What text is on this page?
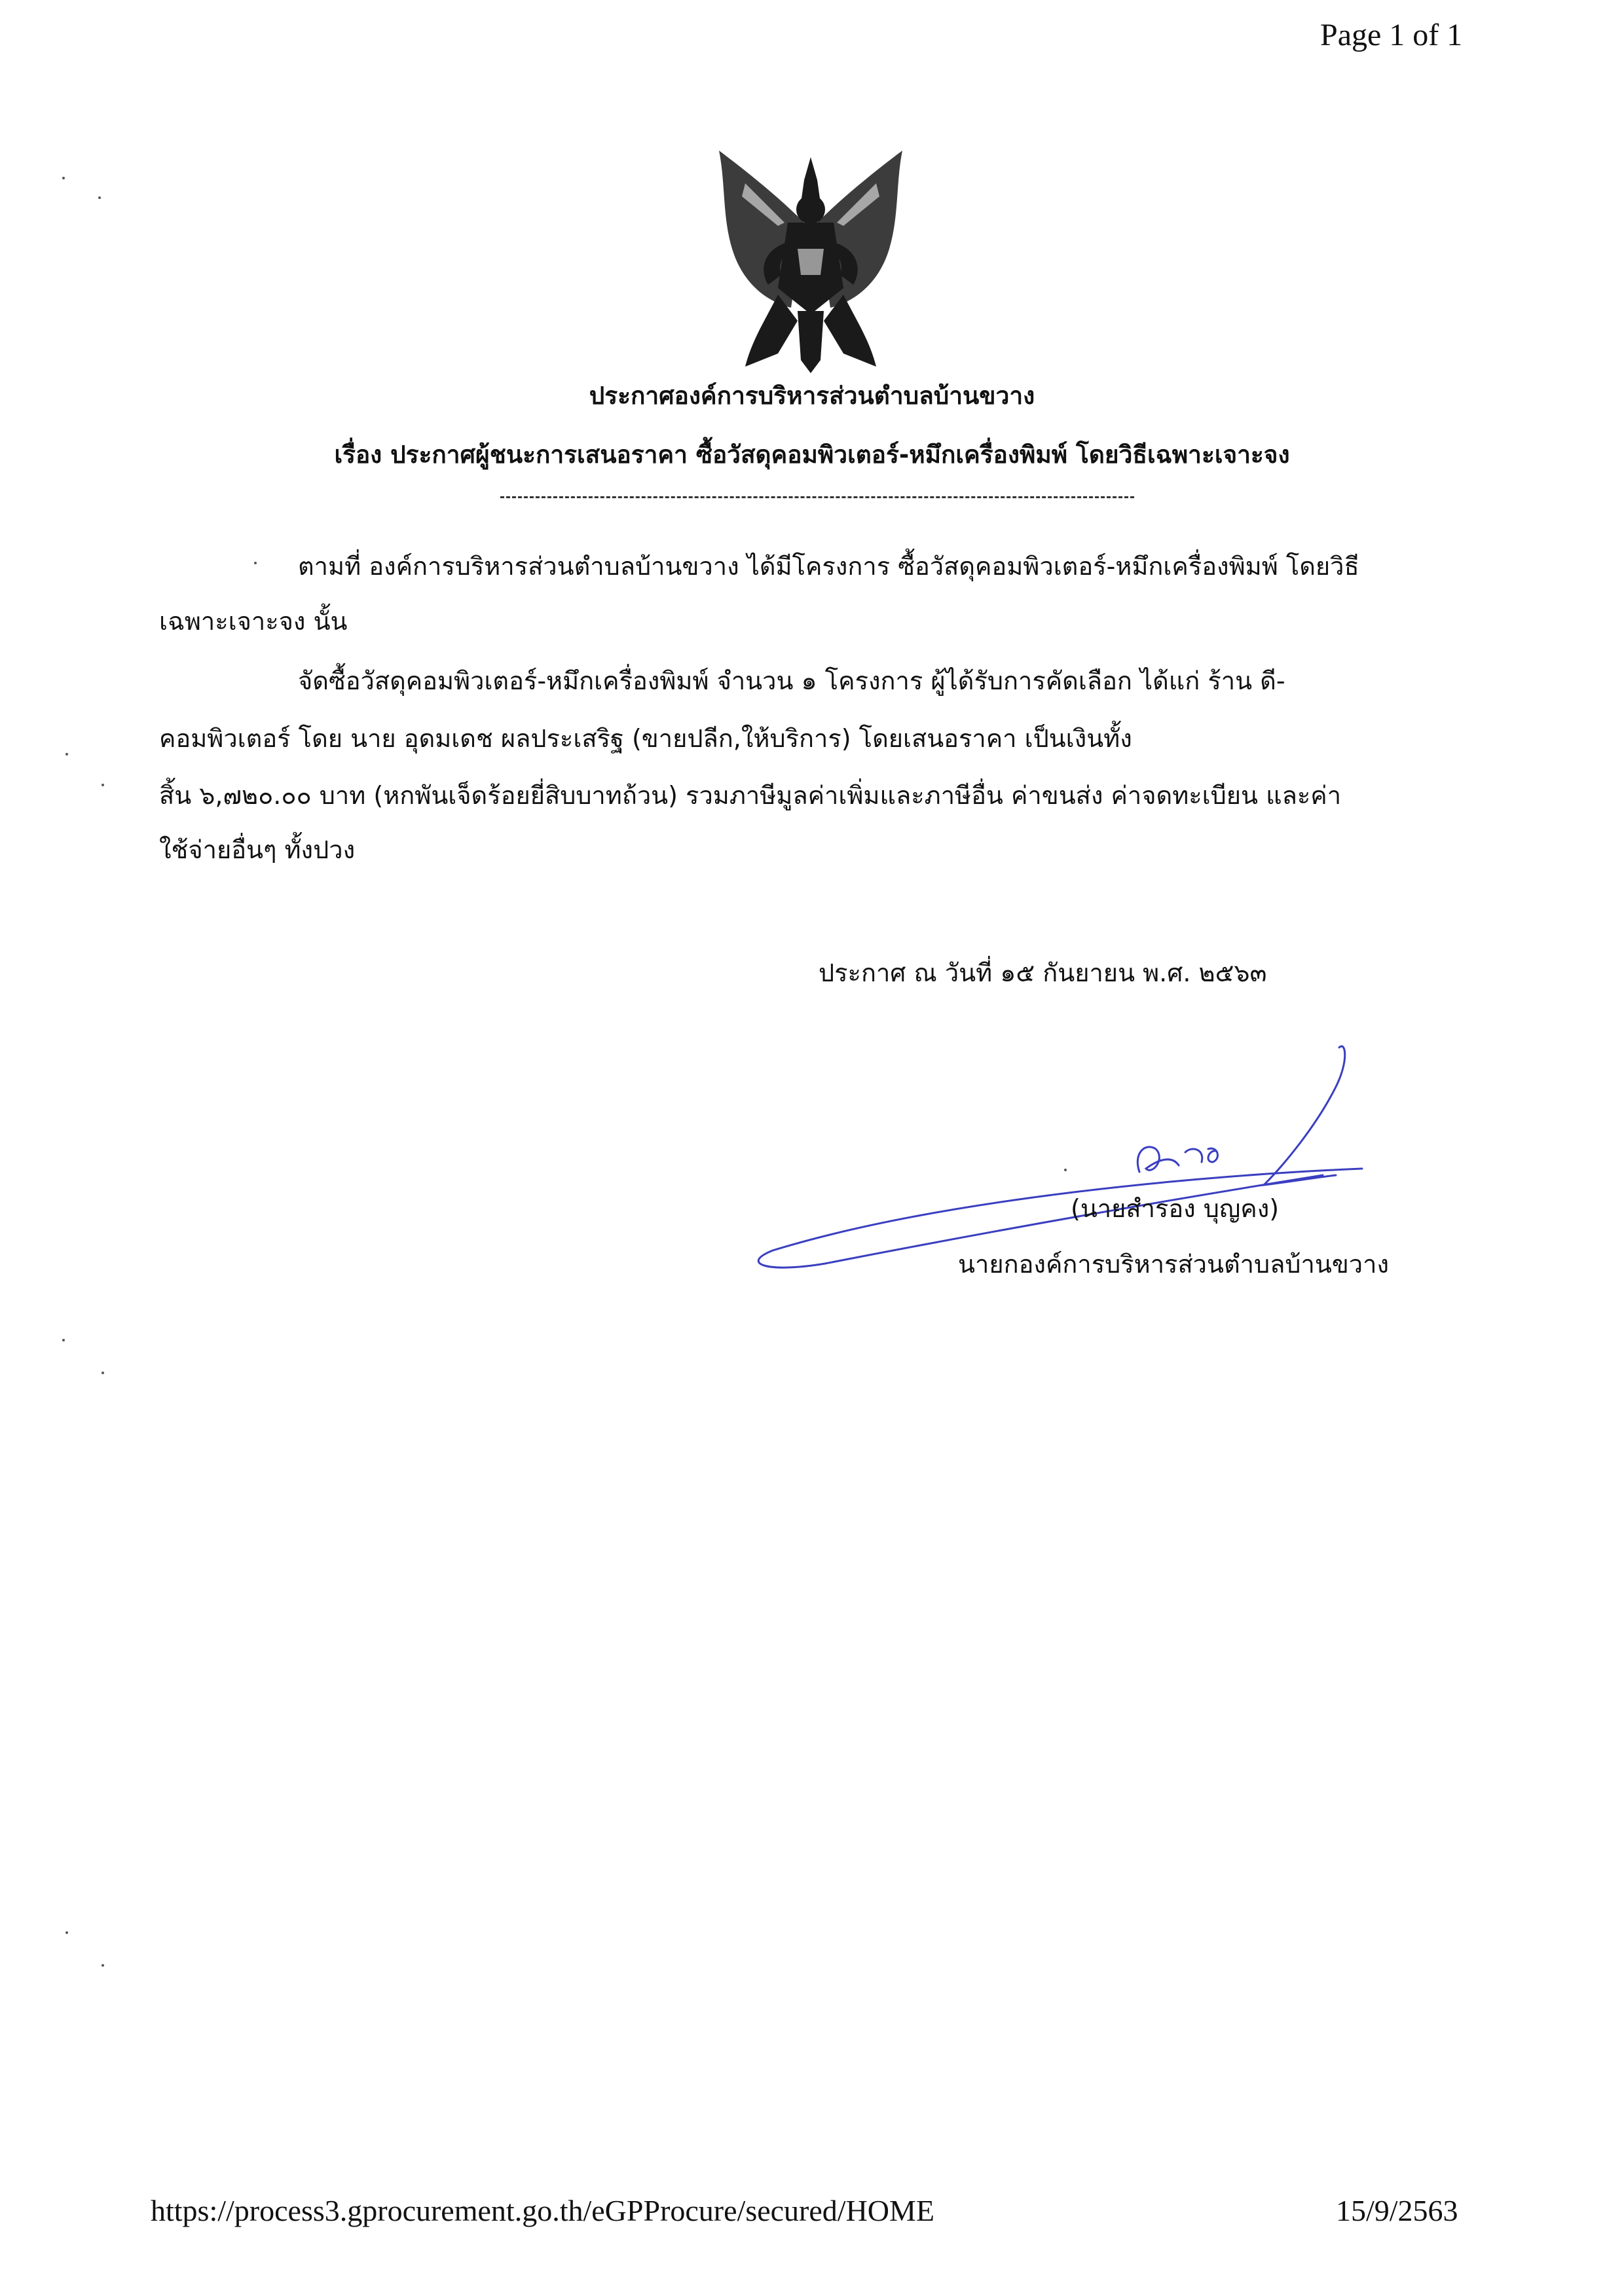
Page 1 of 1
ประกาศองค์การบริหารส่วนตำบลบ้านขวาง
เรื่อง ประกาศผู้ชนะการเสนอราคา ซื้อวัสดุคอมพิวเตอร์-หมึกเครื่องพิมพ์ โดยวิธีเฉพาะเจาะจง
ตามที่ องค์การบริหารส่วนตำบลบ้านขวาง ได้มีโครงการ ซื้อวัสดุคอมพิวเตอร์-หมึกเครื่องพิมพ์ โดยวิธี
เฉพาะเจาะจง นั้น
จัดซื้อวัสดุคอมพิวเตอร์-หมึกเครื่องพิมพ์ จำนวน ๑ โครงการ ผู้ได้รับการคัดเลือก ได้แก่ ร้าน ดี-
คอมพิวเตอร์ โดย นาย อุดมเดช ผลประเสริฐ (ขายปลีก,ให้บริการ) โดยเสนอราคา เป็นเงินทั้ง
สิ้น ๖,๗๒๐.๐๐ บาท (หกพันเจ็ดร้อยยี่สิบบาทถ้วน) รวมภาษีมูลค่าเพิ่มและภาษีอื่น ค่าขนส่ง ค่าจดทะเบียน และค่า
ใช้จ่ายอื่นๆ ทั้งปวง
ประกาศ ณ วันที่ ๑๕ กันยายน พ.ศ. ๒๕๖๓
(นายสำรอง บุญคง)
นายกองค์การบริหารส่วนตำบลบ้านขวาง
https://process3.gprocurement.go.th/eGPProcure/secured/HOME	15/9/2563
